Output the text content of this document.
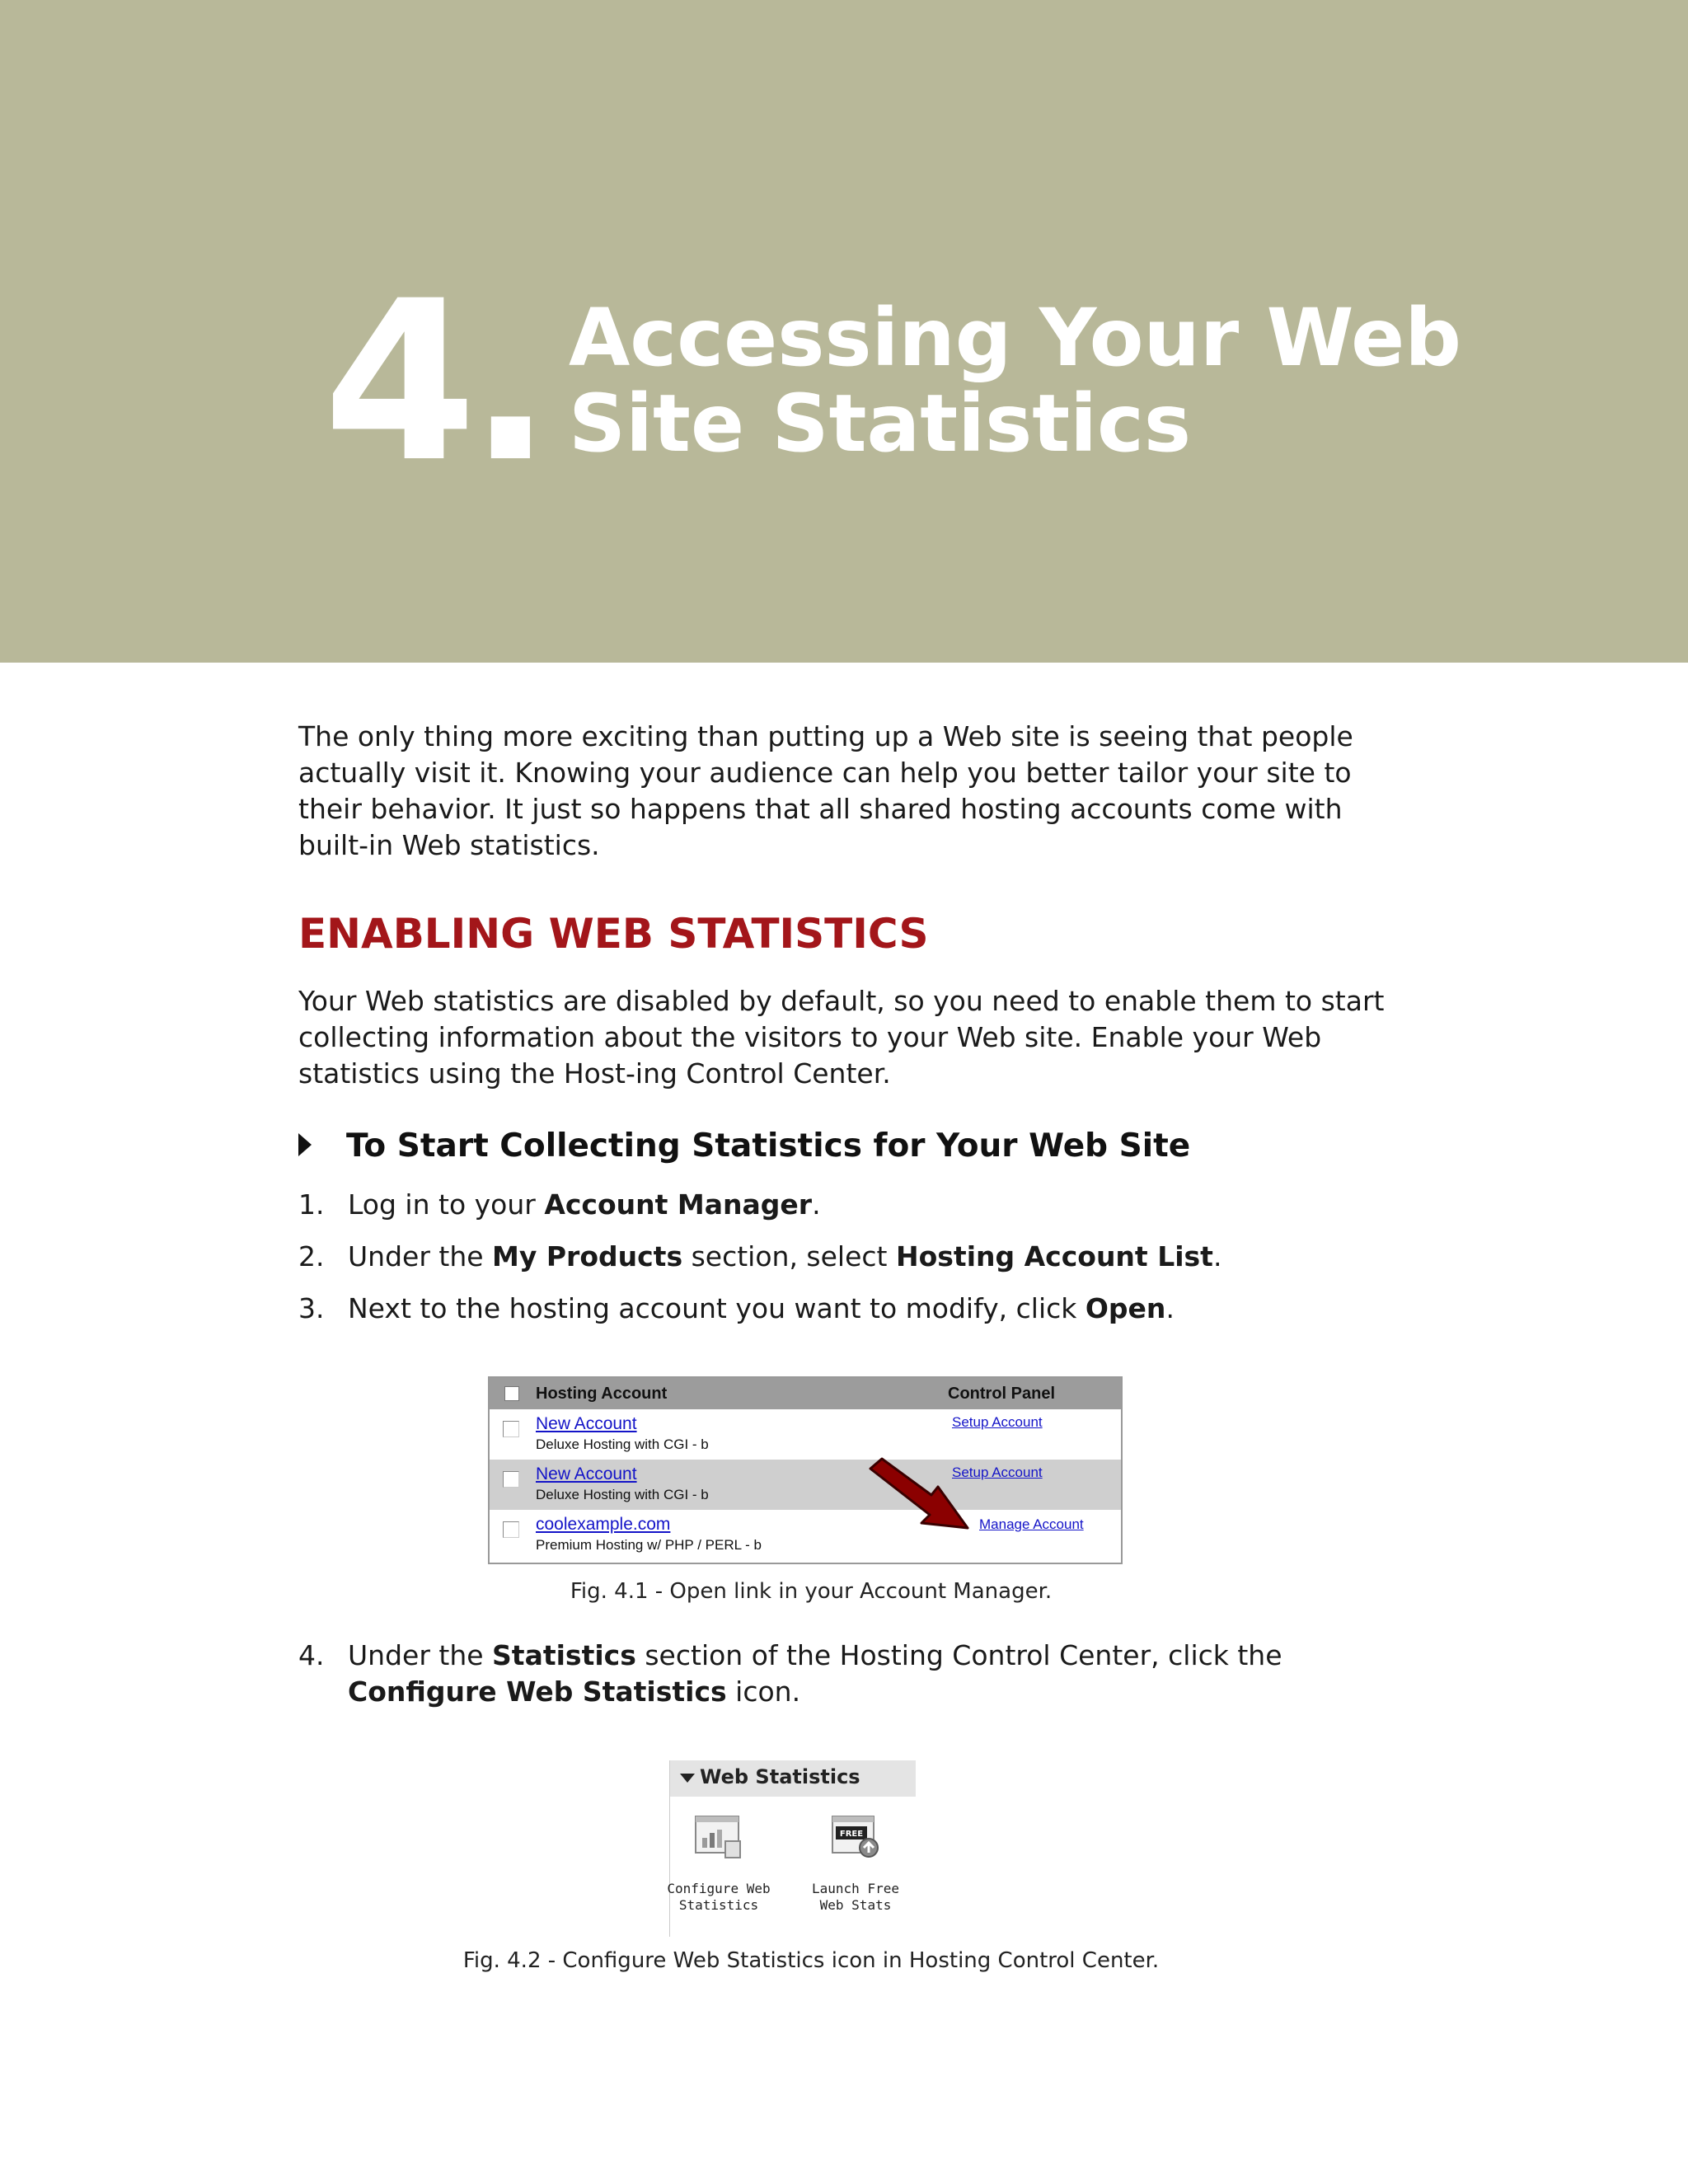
4. Accessing Your Web
Site Statistics
The only thing more exciting than putting up a Web site is seeing that people actually visit it. Knowing your audience can help you better tailor your site to their behavior. It just so happens that all shared hosting accounts come with built-in Web statistics.
ENABLING WEB STATISTICS
Your Web statistics are disabled by default, so you need to enable them to start collecting information about the visitors to your Web site. Enable your Web statistics using the Host-ing Control Center.
To Start Collecting Statistics for Your Web Site
1. Log in to your Account Manager.
2. Under the My Products section, select Hosting Account List.
3. Next to the hosting account you want to modify, click Open.
Hosting Account	Control Panel
New Account
Deluxe Hosting with CGI - b
Setup Account
New Account
Deluxe Hosting with CGI - b
Setup Account
coolexample.com
Premium Hosting w/ PHP / PERL - b
Manage Account
Fig. 4.1 - Open link in your Account Manager.
4. Under the Statistics section of the Hosting Control Center, click the Configure Web Statistics icon.
Web Statistics
Configure Web
Statistics
FREE
Launch Free
Web Stats
Fig. 4.2 - Configure Web Statistics icon in Hosting Control Center.
